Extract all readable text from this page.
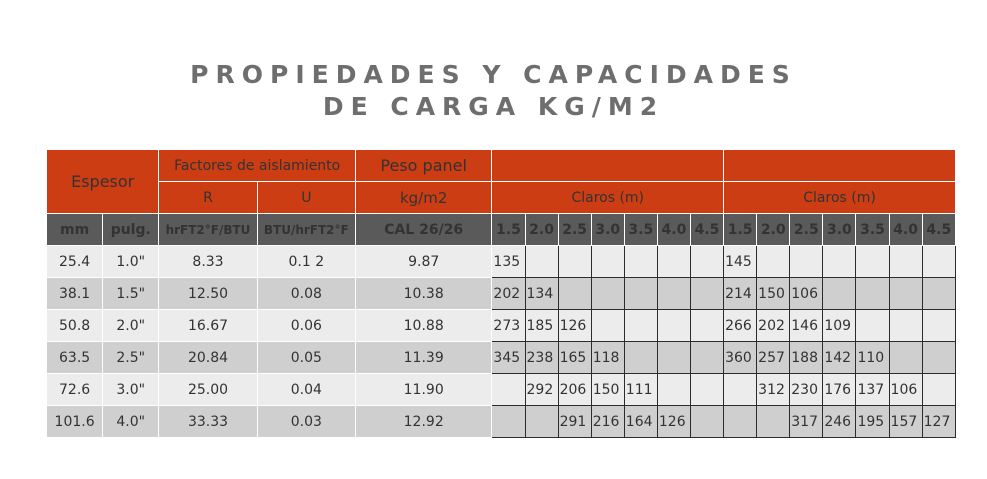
PROPIEDADES Y CAPACIDADES
DE CARGA KG/M2
Espesor		Factores de aislamiento		Peso panel														
		R	U	kg/m2	Claros (m)							Claros (m)						
mm	pulg.	hrFT2°F/BTU	BTU/hrFT2°F	CAL 26/26	1.5	2.0	2.5	3.0	3.5	4.0	4.5	1.5	2.0	2.5	3.0	3.5	4.0	4.5
25.4	1.0"	8.33	0.1 2	9.87	135							145						
38.1	1.5"	12.50	0.08	10.38	202	134						214	150	106				
50.8	2.0"	16.67	0.06	10.88	273	185	126					266	202	146	109			
63.5	2.5"	20.84	0.05	11.39	345	238	165	118				360	257	188	142	110		
72.6	3.0"	25.00	0.04	11.90		292	206	150	111				312	230	176	137	106	
101.6	4.0"	33.33	0.03	12.92			291	216	164	126				317	246	195	157	127
